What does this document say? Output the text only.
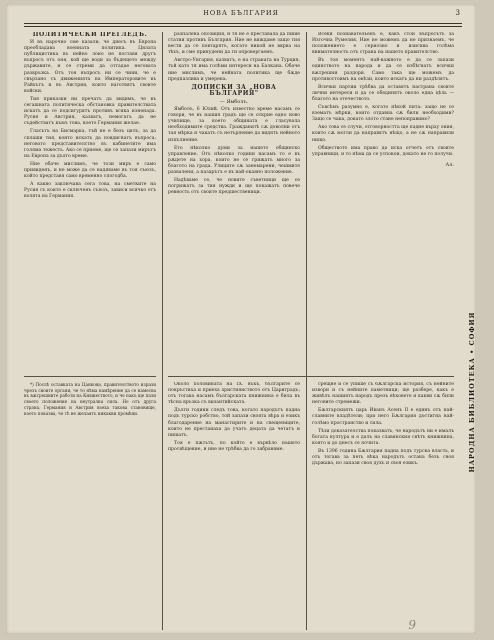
НОВА БЪЛГАРИЯ	3

ПОЛИТИЧЕСКИ ПРЕГЛЕДЪ.

И въ нарочно сме казали, че днесъ въ Европа преобладава военната политика. Цялата публицистика въ нейно лоно не поставя другъ въпросъ отъ оня, кой ще води за бъдещето между държавите, и се стреми да отгадае неговата развръзка. Отъ тоя въпросъ ни се чини, че е свързано съ движенията на Императоровите въ Райхътъ и въ Австрия, които наготвятъ своите войски.

Тия приказки ни пречатъ да видимъ, че въ сегашната политическа обстановка правителствата искатъ да се подсигурятъ противъ всяка изненада. Русия и Австрия, казватъ, немогатъ да не съдействатъ къмъ това, което Германия желае.

Гласътъ на Бисмарка, тъй не е безъ цялъ, за да сплаши тия, които искатъ да повдигнатъ въпроса; неговото представителство въ кабинетите има голяма тежесть. Ако се приеме, ще се запази мирътъ на Европа за дълго време.

Ние обаче мислимъ, че този миръ е само привиденъ, и не може да се надяваме въ тоя съюзъ, който представя само временно спогодба.

А какво заключава сега това, на сметките на Русия съ които е сключенъ съюзъ, зависи всичко отъ волята на Германия.

*) Послѣ оставката на Цанкова, правителството изрази чрезъ своите органи, че то нѣма намѣрение да се намесва въ вѫтрешните работи на Княжеството, и че пакъ ще пази своето положение на неутрална сила. Но отъ друга страна, Германия и Австрия взеха такова становище, което показва, че тѣ не желаятъ никакви промѣни.

разпалена опозиция, и тя не е преставала да пише статии противъ България. Ние не виждаме защо тия вести да се повтарятъ, когато никой не вярва на тѣхъ, и сме принудени да ги опровергаемъ.

Австро-Унгария, казватъ, е на страната на Турция, тъй като тя има голѣми интереси на Балкана. Обаче ние мислимъ, че нейната политика ще бѫде предпазлива и умерена.

ДОПИСКИ ЗА „НОВА БЪЛГАРИЯ"

— Ямболъ.

Ямболъ, 6 Юлий. Отъ известно време насамъ се говори, че въ нашия градъ ще се открие едно ново училище, за което общината е гласувала необходимите средства. Гражданитѣ сѫ доволни отъ тая мѣрка и чакатъ съ нетърпение да видятъ нейното изпълнение.

Ето нѣколко думи за нашето общинско управление. Отъ нѣколко години насамъ то е въ рѫцете на хора, които не се грижатъ много за благото на града. Улиците сѫ занемарени, чешмите развалени, а пазарътъ е въ най-окаяно положение.

Надѣваме се, че новите съветници ще се погрижатъ за тия нужди и ще покажатъ повече ревность отъ своите предшественици.

Около половината на IX. въкъ, българите се покръстиха и приеха християнството отъ Цариградъ; отъ тогава насамъ българската книжнина е била въ тѣсна връзка съ византийската.

Дълги години следъ това, когато народътъ падна подъ турско робство, той запази своята вѣра и езикъ благодарение на манастирите и на свещениците, които не престанаха да учатъ децата да четатъ и пишатъ.

Тоя е пѫтьтъ, по който е вървѣло нашето просвѣщение, и ние не трѣбва да го забравяме.

Всеки познавательенъ е, какъ стои въпросътъ за Източна Румелия. Ние не можемъ да не признаемъ, че положението е сериозно и изисква голѣма внимателность отъ страна на нашето правителство.

Въ тоя моментъ най-важното е да се запази единството на народа и да се избѣгнатъ всички вѫтрешни раздори. Само така ще можемъ да противостоимъ на онѣзи, които искатъ да ни раздѣлятъ.

Всички партии трѣбва да оставятъ настрана своите лични интереси и да се обединятъ около една цѣль — благото на отечеството.

Съвсѣмъ разумно е, когато нѣкой пита: защо не се взематъ мѣрки, които отдавна сѫ били необходими? Защо се чака, докато злото стане непоправимо?

Ако това се случи, отговорността ще падне върху ония, които сѫ могли да направятъ нѣщо, а не сѫ направили нищо.

Обществото има право да иска отчетъ отъ своите управници, и то нѣма да се успокои, докато не го получи.

Ал.

срещне и се упише съ бѫлгарска история, съ нейните извори и съ нейните паметници; ще разбере, какъ е живѣлъ нашиятъ народъ презъ вѣковете и какви сѫ били неговите стремежи.

Бѫлгарскиятъ царь Иванъ Асенъ II е единъ отъ най-славните владѣтели; при него Бѫлгария достигна най-голѣмо пространство и сила.

Тѣзи доказателства показватъ, че народътъ ни е ималъ богата култура и е далъ на славянския свѣтъ книжнина, която и до днесъ се почита.

Въ 1396 година Бѫлгария падна подъ турска власть, и отъ тогава за петь вѣка народътъ остана безъ своя държава, но запази своя духъ и своя езикъ.	НАРОДНА БИБЛИОТЕКА • СОФИЯ
9
